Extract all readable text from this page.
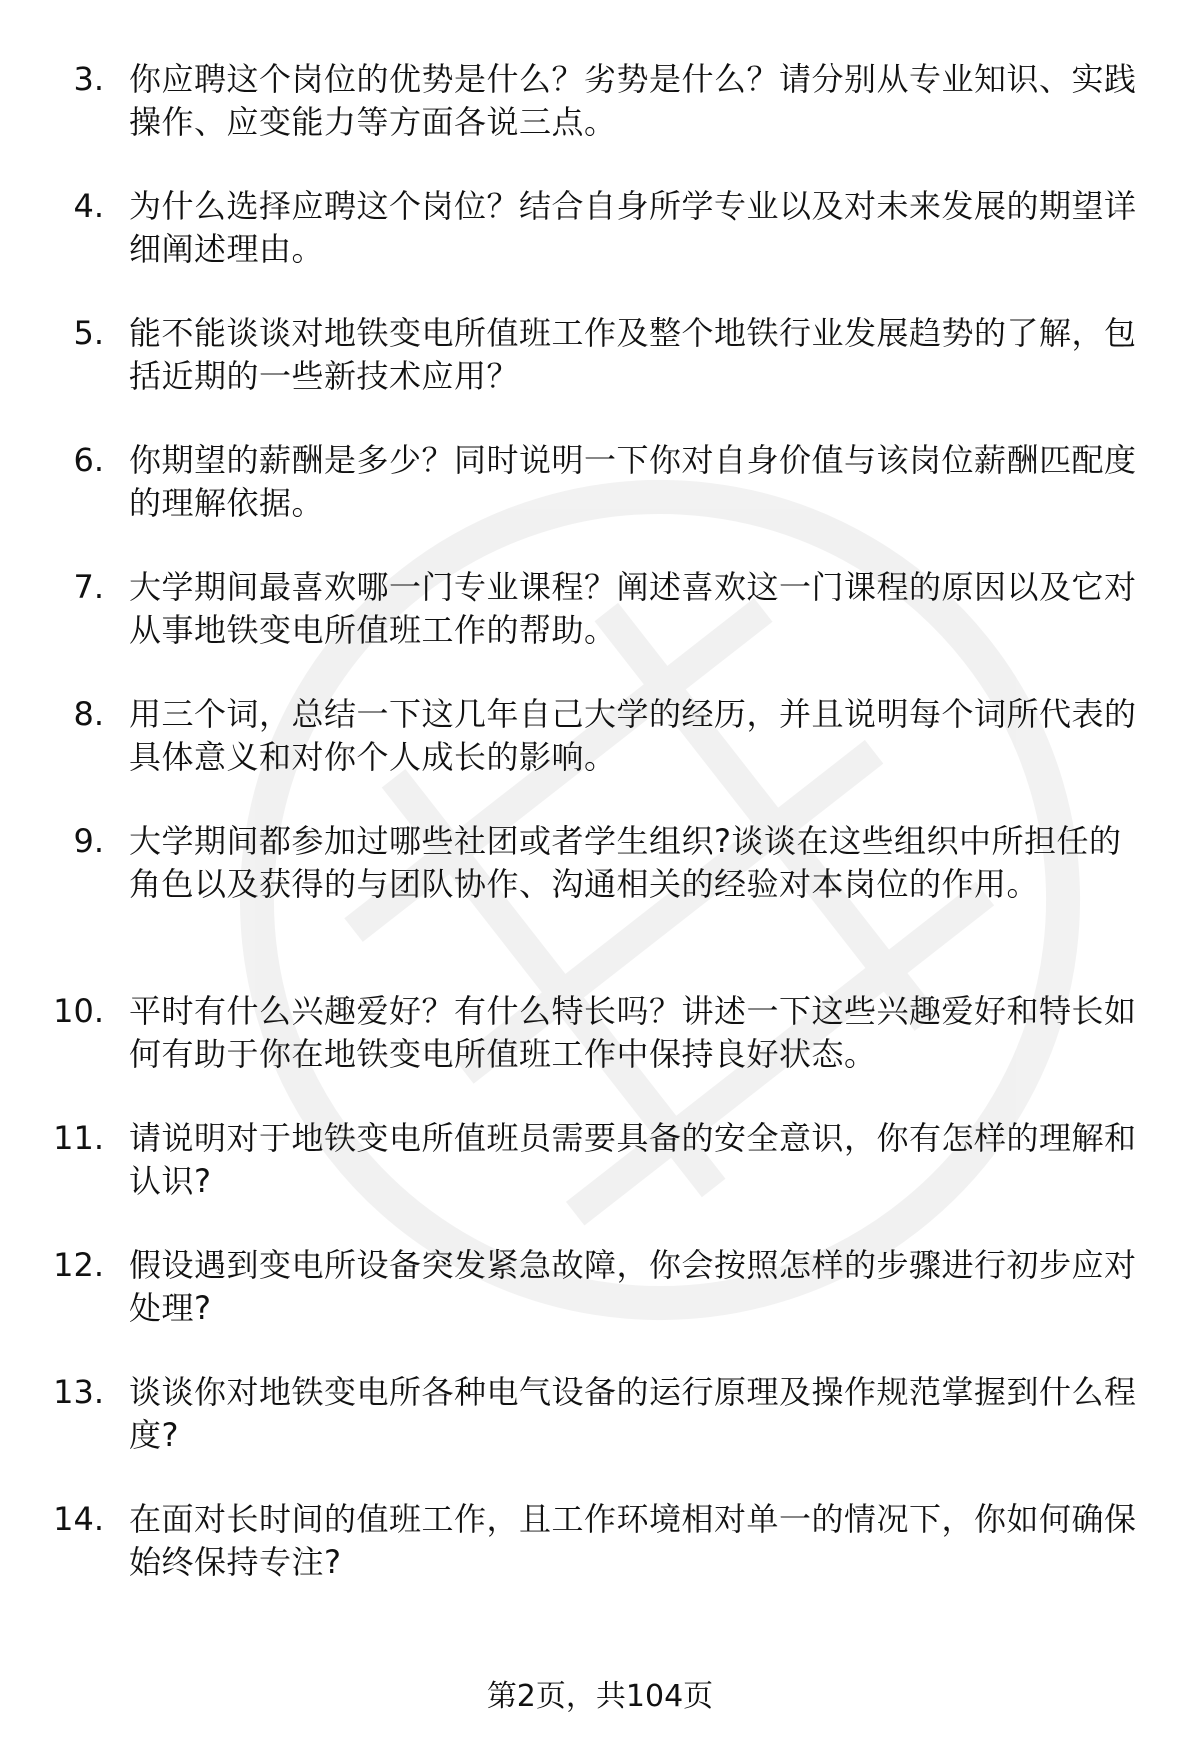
3. 你应聘这个岗位的优势是什么？劣势是什么？请分别从专业知识、实践操作、应变能力等方面各说三点。
4. 为什么选择应聘这个岗位？结合自身所学专业以及对未来发展的期望详细阐述理由。
5. 能不能谈谈对地铁变电所值班工作及整个地铁行业发展趋势的了解，包括近期的一些新技术应用？
6. 你期望的薪酬是多少？同时说明一下你对自身价值与该岗位薪酬匹配度的理解依据。
7. 大学期间最喜欢哪一门专业课程？阐述喜欢这一门课程的原因以及它对从事地铁变电所值班工作的帮助。
8. 用三个词，总结一下这几年自己大学的经历，并且说明每个词所代表的具体意义和对你个人成长的影响。
9. 大学期间都参加过哪些社团或者学生组织?谈谈在这些组织中所担任的角色以及获得的与团队协作、沟通相关的经验对本岗位的作用。
10. 平时有什么兴趣爱好？有什么特长吗？讲述一下这些兴趣爱好和特长如何有助于你在地铁变电所值班工作中保持良好状态。
11. 请说明对于地铁变电所值班员需要具备的安全意识，你有怎样的理解和认识?
12. 假设遇到变电所设备突发紧急故障，你会按照怎样的步骤进行初步应对处理?
13. 谈谈你对地铁变电所各种电气设备的运行原理及操作规范掌握到什么程度?
14. 在面对长时间的值班工作，且工作环境相对单一的情况下，你如何确保始终保持专注?
第2页，共104页
